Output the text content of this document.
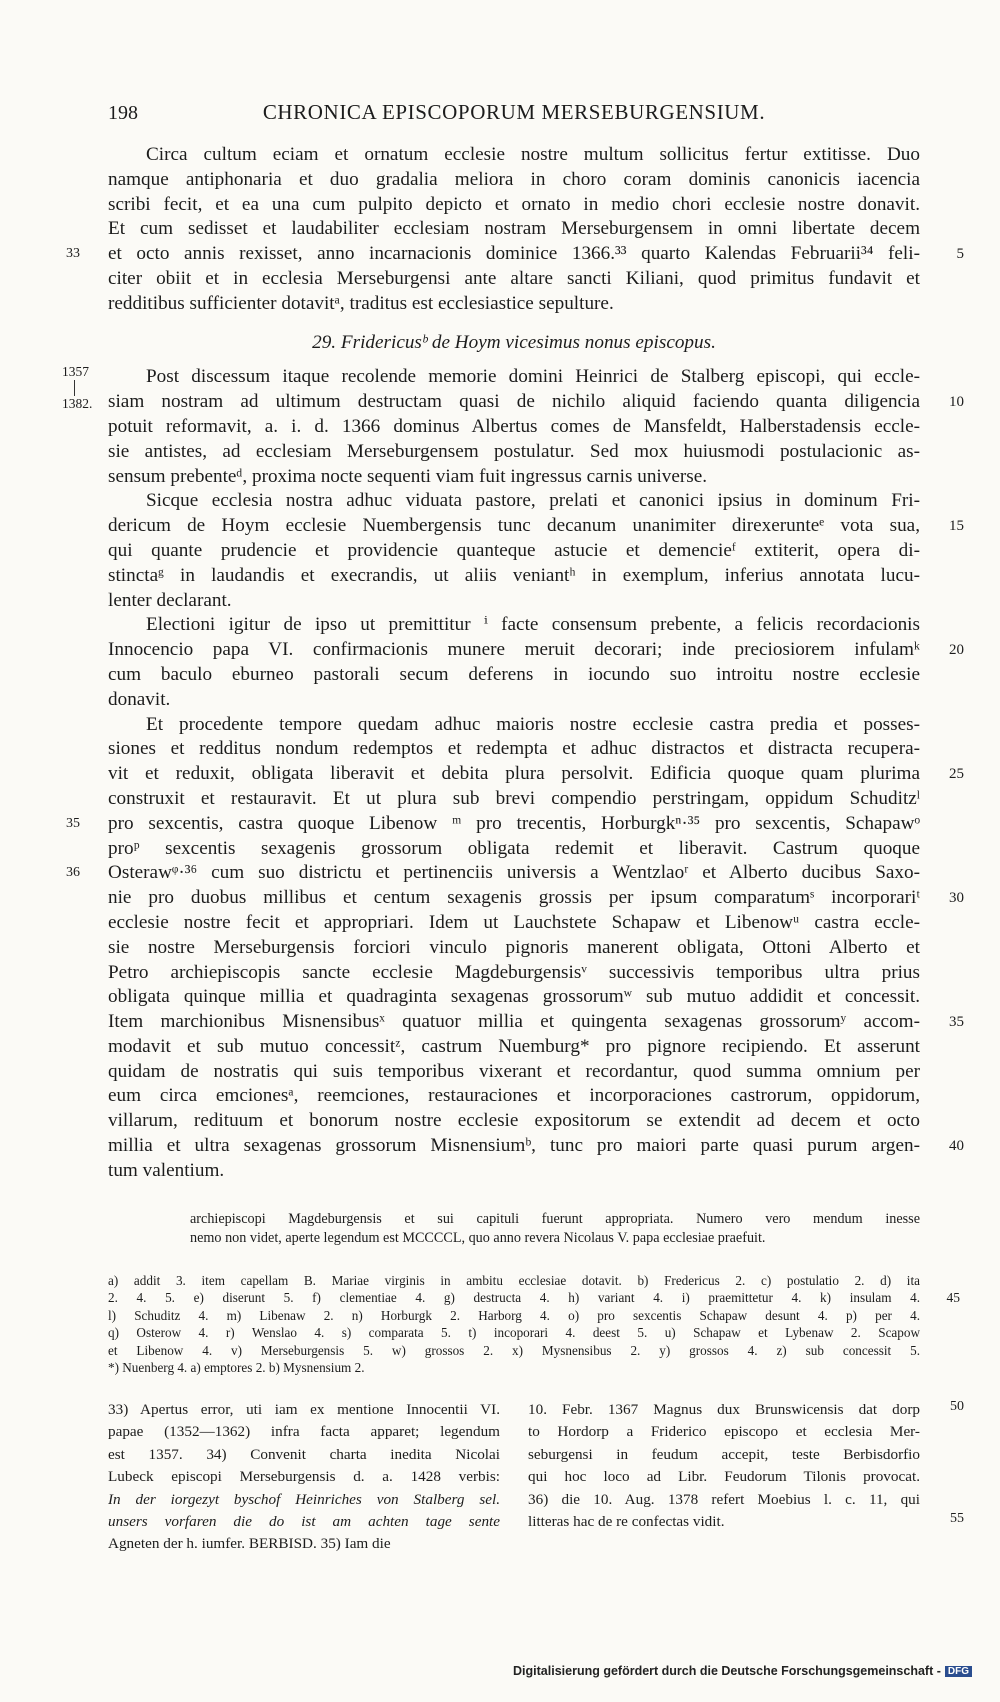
198	CHRONICA EPISCOPORUM MERSEBURGENSIUM.
Circa cultum eciam et ornatum ecclesie nostre multum sollicitus fertur extitisse. Duo
namque antiphonaria et duo gradalia meliora in choro coram dominis canonicis iacencia
scribi fecit, et ea una cum pulpito depicto et ornato in medio chori ecclesie nostre donavit.
Et cum sedisset et laudabiliter ecclesiam nostram Merseburgensem in omni libertate decem
33 et octo annis rexisset, anno incarnacionis dominice 1366.³³ quarto Kalendas Februarii³⁴ feli- 5
citer obiit et in ecclesia Merseburgensi ante altare sancti Kiliani, quod primitus fundavit et
redditibus sufficienter dotavitᵃ, traditus est ecclesiastice sepulture.
29. Fridericusᵇ de Hoym vicesimus nonus episcopus.
1357
1382.
Post discessum itaque recolende memorie domini Heinrici de Stalberg episcopi, qui eccle-
siam nostram ad ultimum destructam quasi de nichilo aliquid faciendo quanta diligencia 10
potuit reformavit, a. i. d. 1366 dominus Albertus comes de Mansfeldt, Halberstadensis eccle-
sie antistes, ad ecclesiam Merseburgensem postulatur. Sed mox huiusmodi postulacionic as-
sensum prebenteᵈ, proxima nocte sequenti viam fuit ingressus carnis universe.
Sicque ecclesia nostra adhuc viduata pastore, prelati et canonici ipsius in dominum Fri-
dericum de Hoym ecclesie Nuembergensis tunc decanum unanimiter direxerunteᵉ vota sua, 15
qui quante prudencie et providencie quanteque astucie et demencieᶠ extiterit, opera di-
stinctaᵍ in laudandis et execrandis, ut aliis veniantʰ in exemplum, inferius annotata lucu-
lenter declarant.
Electioni igitur de ipso ut premittitur ⁱ facte consensum prebente, a felicis recordacionis
Innocencio papa VI. confirmacionis munere meruit decorari; inde preciosiorem infulamᵏ 20
cum baculo eburneo pastorali secum deferens in iocundo suo introitu nostre ecclesie
donavit.
Et procedente tempore quedam adhuc maioris nostre ecclesie castra predia et posses-
siones et redditus nondum redemptos et redempta et adhuc distractos et distracta recupera-
vit et reduxit, obligata liberavit et debita plura persolvit. Edificia quoque quam plurima 25
construxit et restauravit. Et ut plura sub brevi compendio perstringam, oppidum Schuditzˡ
35 pro sexcentis, castra quoque Libenow ᵐ pro trecentis, Horburgkⁿ·³⁵ pro sexcentis, Schapawᵒ
proᵖ sexcentis sexagenis grossorum obligata redemit et liberavit. Castrum quoque
36 Osterawᵠ·³⁶ cum suo districtu et pertinenciis universis a Wentzlaoʳ et Alberto ducibus Saxo-
nie pro duobus millibus et centum sexagenis grossis per ipsum comparatumˢ incorporariᵗ 30
ecclesie nostre fecit et appropriari. Idem ut Lauchstete Schapaw et Libenowᵘ castra eccle-
sie nostre Merseburgensis forciori vinculo pignoris manerent obligata, Ottoni Alberto et
Petro archiepiscopis sancte ecclesie Magdeburgensisᵛ successivis temporibus ultra prius
obligata quinque millia et quadraginta sexagenas grossorumʷ sub mutuo addidit et concessit.
Item marchionibus Misnensibusˣ quatuor millia et quingenta sexagenas grossorumʸ accom- 35
modavit et sub mutuo concessitᶻ, castrum Nuemburg* pro pignore recipiendo. Et asserunt
quidam de nostratis qui suis temporibus vixerant et recordantur, quod summa omnium per
eum circa emcionesᵃ, reemciones, restauraciones et incorporaciones castrorum, oppidorum,
villarum, redituum et bonorum nostre ecclesie expositorum se extendit ad decem et octo
millia et ultra sexagenas grossorum Misnensiumᵇ, tunc pro maiori parte quasi purum argen- 40
tum valentium.
archiepiscopi Magdeburgensis et sui capituli fuerunt appropriata. Numero vero mendum inesse
nemo non videt, aperte legendum est MCCCCL, quo anno revera Nicolaus V. papa ecclesiae praefuit.
a) addit 3. item capellam B. Mariae virginis in ambitu ecclesiae dotavit. b) Fredericus 2. c) postulatio 2. d) ita
2. 4. 5. e) diserunt 5. f) clementiae 4. g) destructa 4. h) variant 4. i) praemittetur 4. k) insulam 4. 45
l) Schuditz 4. m) Libenaw 2. n) Horburgk 2. Harborg 4. o) pro sexcentis Schapaw desunt 4. p) per 4.
q) Osterow 4. r) Wenslao 4. s) comparata 5. t) incoporari 4. deest 5. u) Schapaw et Lybenaw 2. Scapow
et Libenow 4. v) Merseburgensis 5. w) grossos 2. x) Mysnensibus 2. y) grossos 4. z) sub concessit 5.
*) Nuenberg 4. a) emptores 2. b) Mysnensium 2.
33) Apertus error, uti iam ex mentione Innocentii VI.
papae (1352—1362) infra facta apparet; legendum
est 1357. 34) Convenit charta inedita Nicolai
Lubeck episcopi Merseburgensis d. a. 1428 verbis:
In der iorgezyt byschof Heinriches von Stalberg sel.
unsers vorfaren die do ist am achten tage sente
Agneten der h. iumfer. BERBISD. 35) Iam die
10. Febr. 1367 Magnus dux Brunswicensis dat dorp
to Hordorp a Friderico episcopo et ecclesia Mer-
seburgensi in feudum accepit, teste Berbisdorfio
qui hoc loco ad Libr. Feudorum Tilonis provocat.
36) die 10. Aug. 1378 refert Moebius l. c. 11, qui
litteras hac de re confectas vidit.
50
55
Digitalisierung gefördert durch die Deutsche Forschungsgemeinschaft - DFG
